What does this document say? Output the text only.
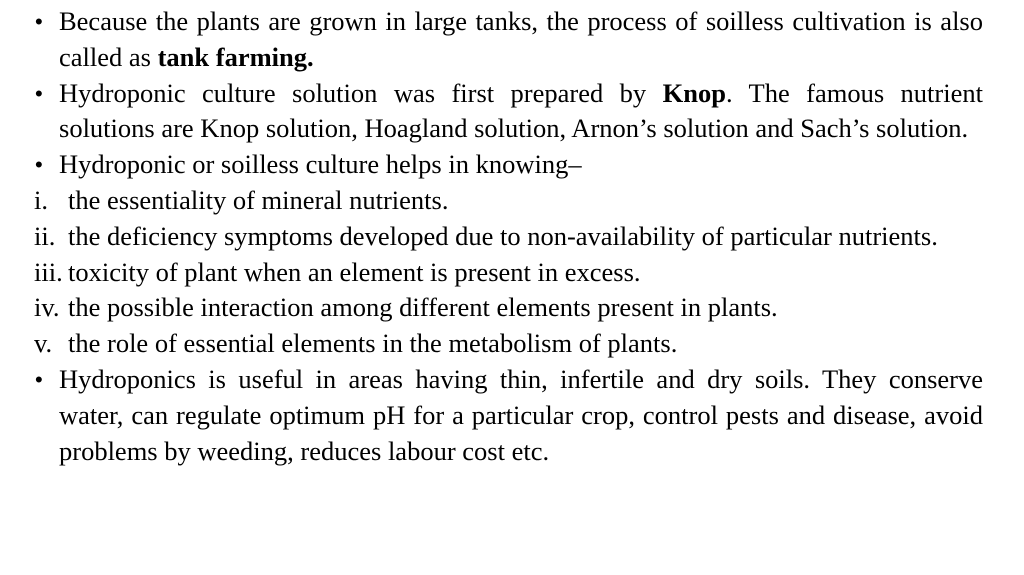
• Because the plants are grown in large tanks, the process of soilless cultivation is also called as tank farming.
• Hydroponic culture solution was first prepared by Knop. The famous nutrient solutions are Knop solution, Hoagland solution, Arnon’s solution and Sach’s solution.
• Hydroponic or soilless culture helps in knowing–
i. the essentiality of mineral nutrients.
ii. the deficiency symptoms developed due to non-availability of particular nutrients.
iii. toxicity of plant when an element is present in excess.
iv. the possible interaction among different elements present in plants.
v. the role of essential elements in the metabolism of plants.
• Hydroponics is useful in areas having thin, infertile and dry soils. They conserve water, can regulate optimum pH for a particular crop, control pests and disease, avoid problems by weeding, reduces labour cost etc.
